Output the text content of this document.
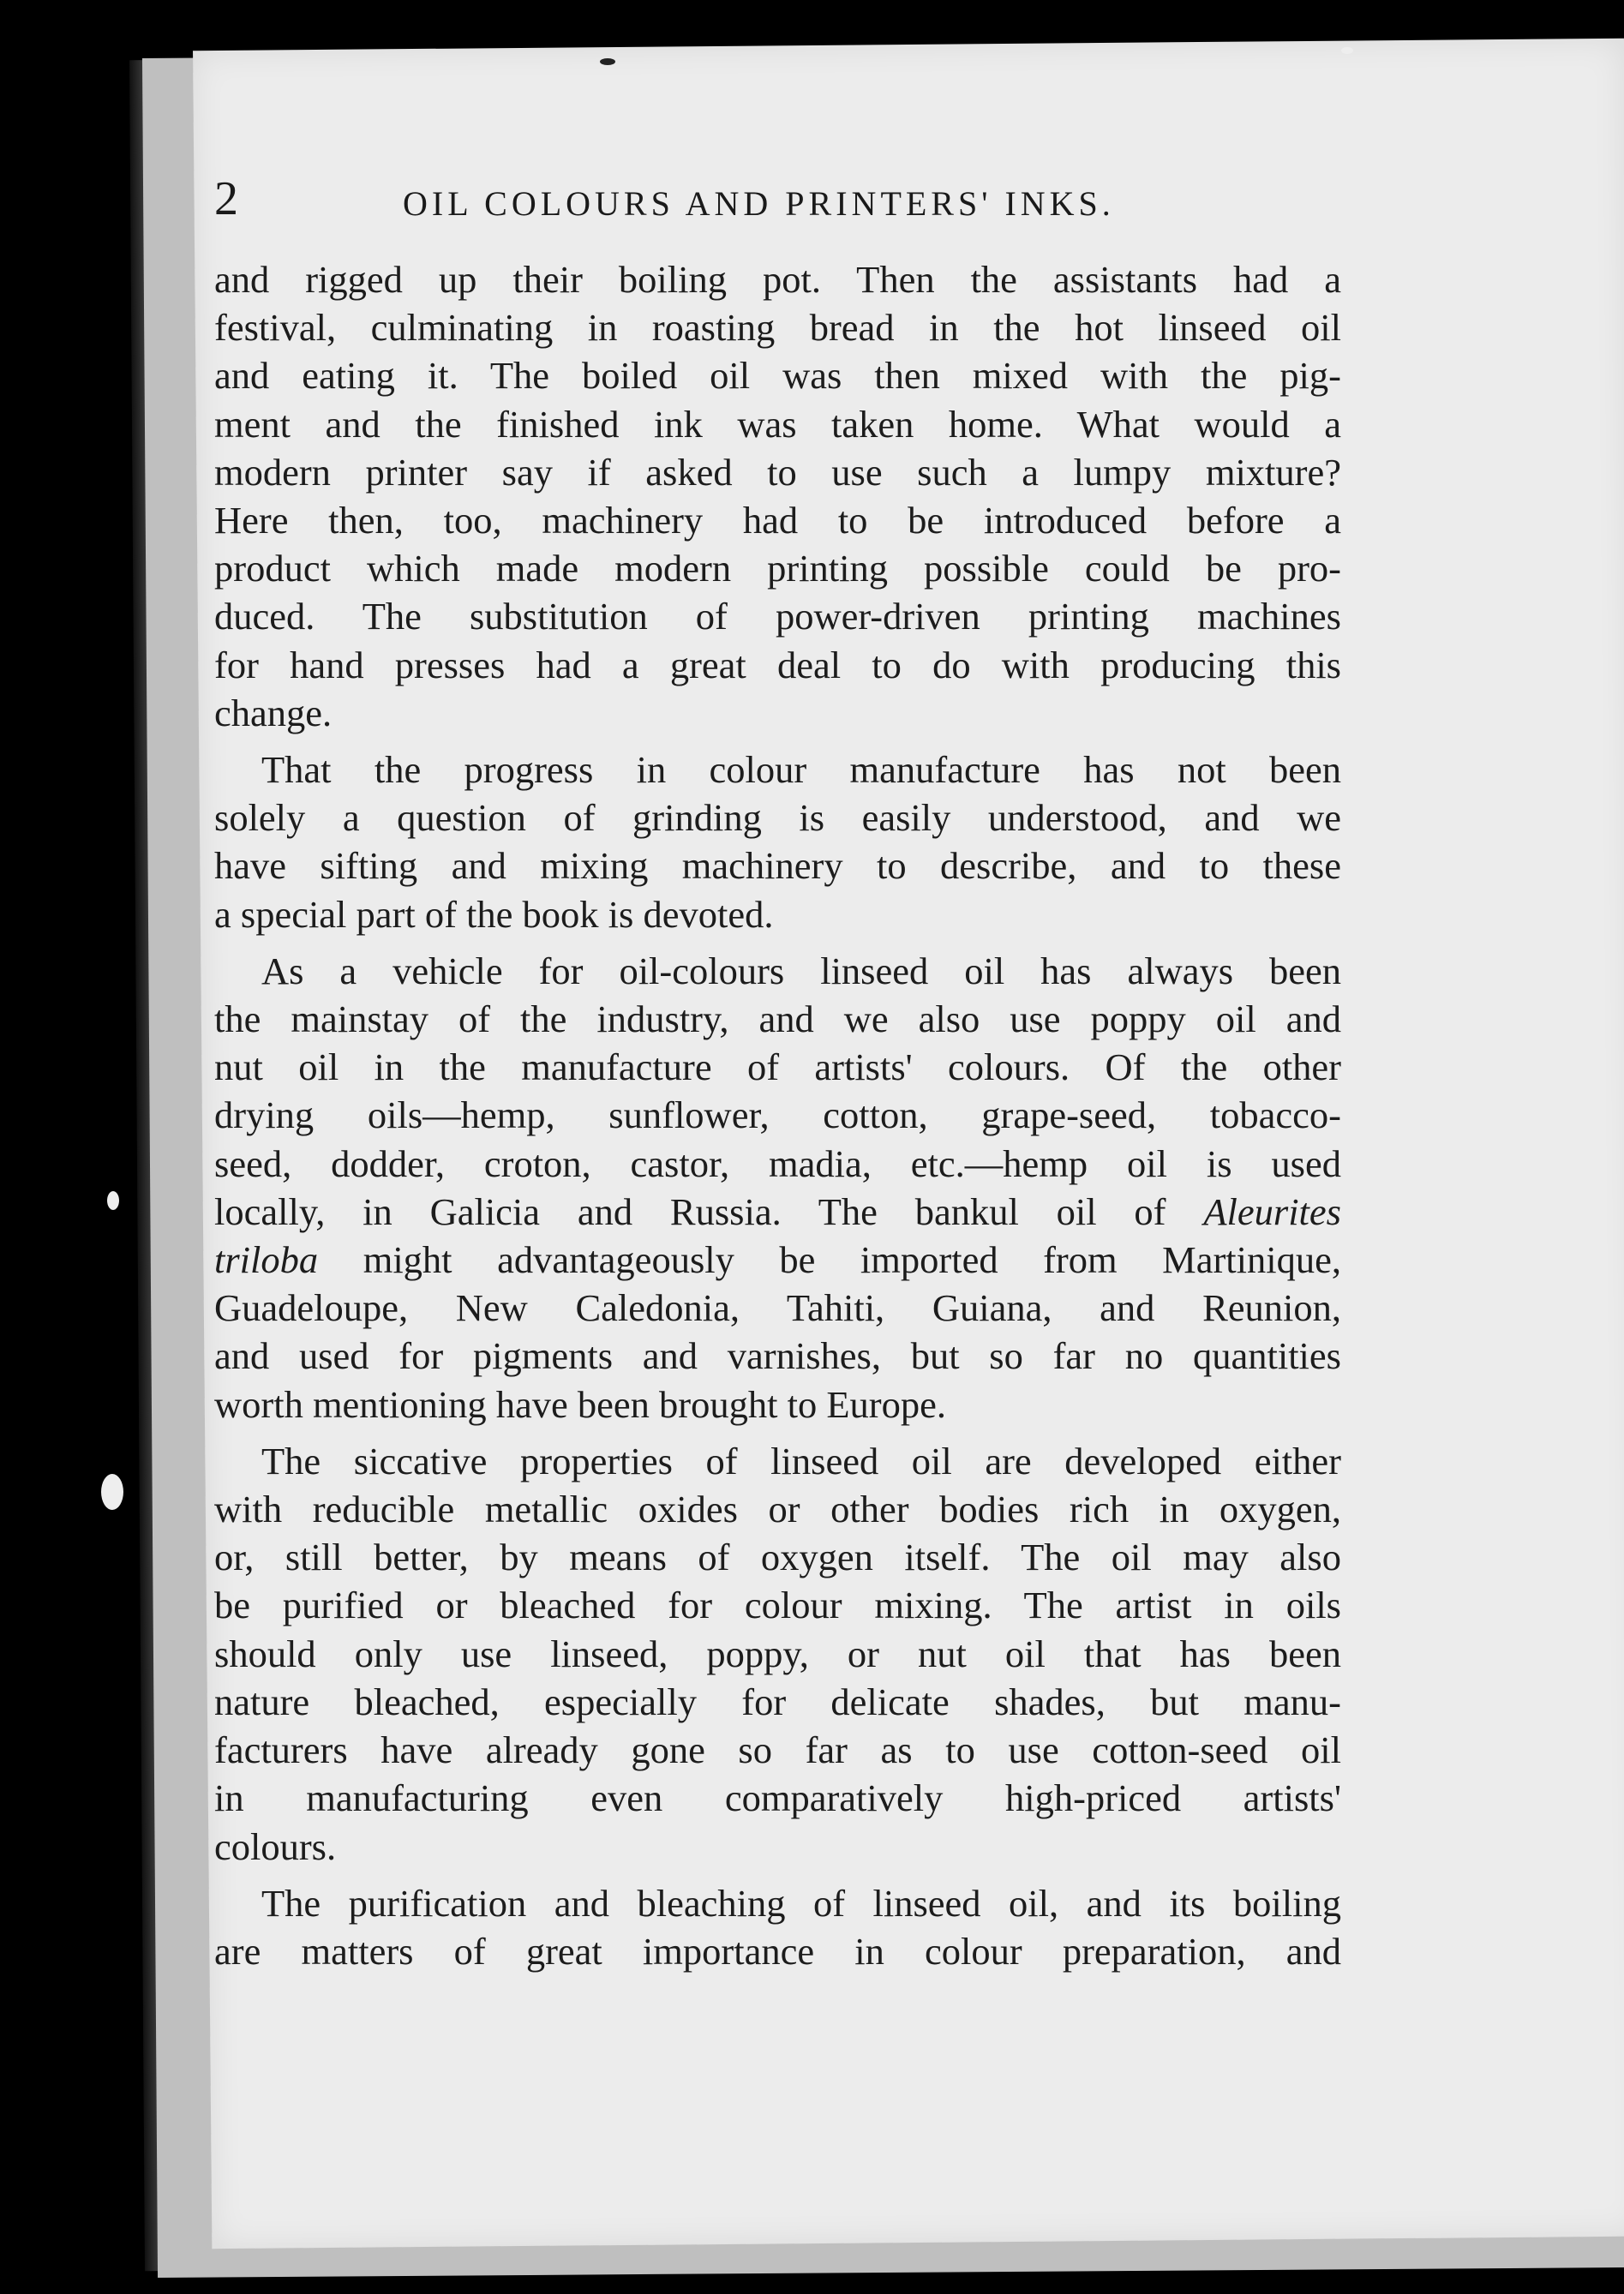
2	OIL COLOURS AND PRINTERS' INKS.

and rigged up their boiling pot. Then the assistants had a
festival, culminating in roasting bread in the hot linseed oil
and eating it. The boiled oil was then mixed with the pig-
ment and the finished ink was taken home. What would a
modern printer say if asked to use such a lumpy mixture?
Here then, too, machinery had to be introduced before a
product which made modern printing possible could be pro-
duced. The substitution of power-driven printing machines
for hand presses had a great deal to do with producing this
change.

That the progress in colour manufacture has not been
solely a question of grinding is easily understood, and we
have sifting and mixing machinery to describe, and to these
a special part of the book is devoted.

As a vehicle for oil-colours linseed oil has always been
the mainstay of the industry, and we also use poppy oil and
nut oil in the manufacture of artists' colours. Of the other
drying oils—hemp, sunflower, cotton, grape-seed, tobacco-
seed, dodder, croton, castor, madia, etc.—hemp oil is used
locally, in Galicia and Russia. The bankul oil of Aleurites
triloba might advantageously be imported from Martinique,
Guadeloupe, New Caledonia, Tahiti, Guiana, and Reunion,
and used for pigments and varnishes, but so far no quantities
worth mentioning have been brought to Europe.

The siccative properties of linseed oil are developed either
with reducible metallic oxides or other bodies rich in oxygen,
or, still better, by means of oxygen itself. The oil may also
be purified or bleached for colour mixing. The artist in oils
should only use linseed, poppy, or nut oil that has been
nature bleached, especially for delicate shades, but manu-
facturers have already gone so far as to use cotton-seed oil
in manufacturing even comparatively high-priced artists'
colours.

The purification and bleaching of linseed oil, and its boiling
are matters of great importance in colour preparation, and
